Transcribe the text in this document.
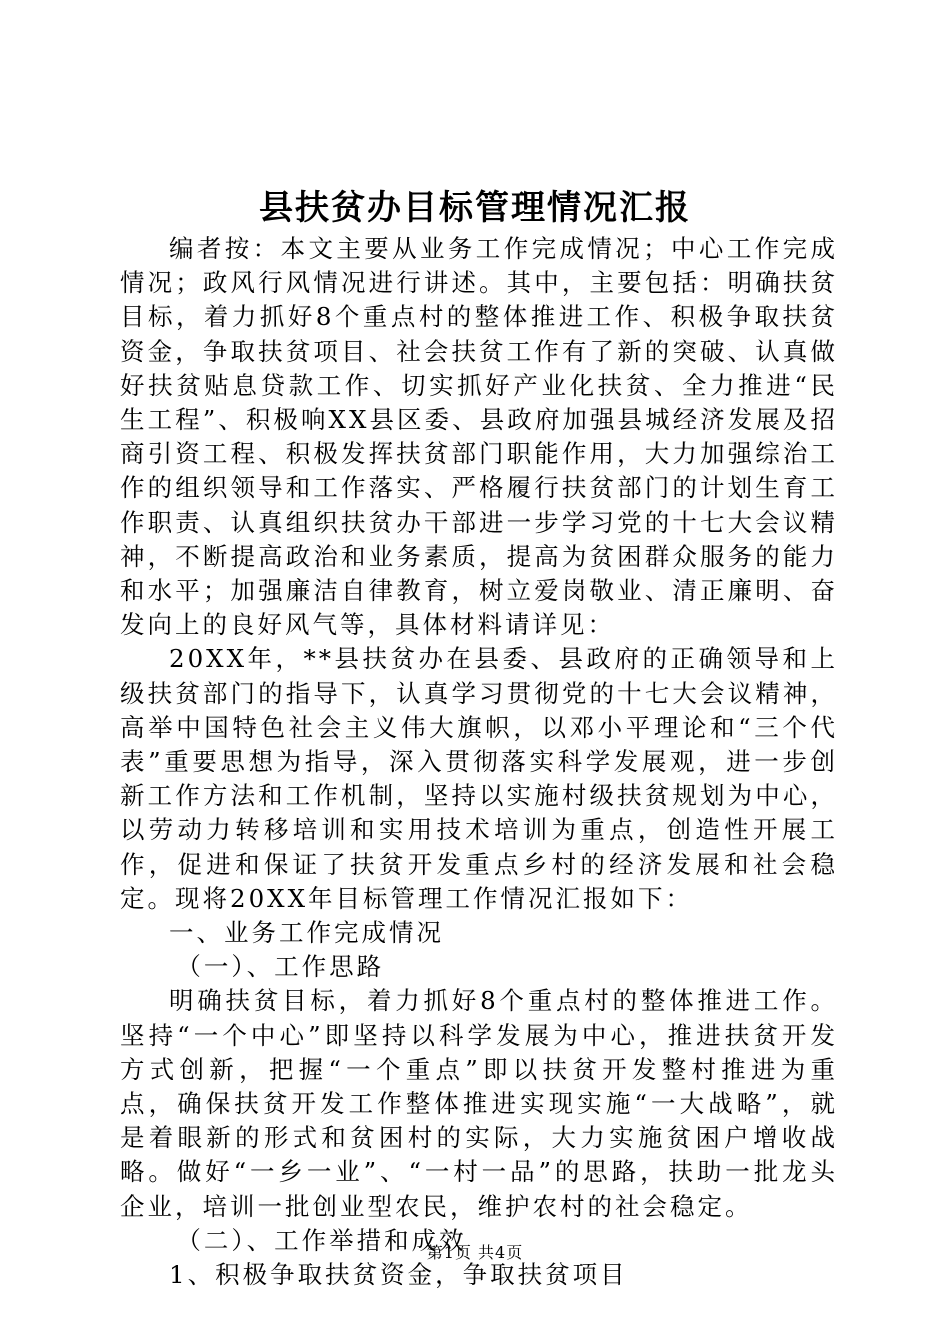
县扶贫办目标管理情况汇报

编者按：本文主要从业务工作完成情况；中心工作完成情况；政风行风情况进行讲述。其中，主要包括：明确扶贫目标，着力抓好8个重点村的整体推进工作、积极争取扶贫资金，争取扶贫项目、社会扶贫工作有了新的突破、认真做好扶贫贴息贷款工作、切实抓好产业化扶贫、全力推进“民生工程”、积极响XX县区委、县政府加强县城经济发展及招商引资工程、积极发挥扶贫部门职能作用，大力加强综治工作的组织领导和工作落实、严格履行扶贫部门的计划生育工作职责、认真组织扶贫办干部进一步学习党的十七大会议精神，不断提高政治和业务素质，提高为贫困群众服务的能力和水平；加强廉洁自律教育，树立爱岗敬业、清正廉明、奋发向上的良好风气等，具体材料请详见：

20XX年，**县扶贫办在县委、县政府的正确领导和上级扶贫部门的指导下，认真学习贯彻党的十七大会议精神，高举中国特色社会主义伟大旗帜，以邓小平理论和“三个代表”重要思想为指导，深入贯彻落实科学发展观，进一步创新工作方法和工作机制，坚持以实施村级扶贫规划为中心，以劳动力转移培训和实用技术培训为重点，创造性开展工作，促进和保证了扶贫开发重点乡村的经济发展和社会稳定。现将20XX年目标管理工作情况汇报如下：

一、业务工作完成情况

（一）、工作思路

明确扶贫目标，着力抓好8个重点村的整体推进工作。坚持“一个中心”即坚持以科学发展为中心，推进扶贫开发方式创新，把握“一个重点”即以扶贫开发整村推进为重点，确保扶贫开发工作整体推进实现实施“一大战略”，就是着眼新的形式和贫困村的实际，大力实施贫困户增收战略。做好“一乡一业”、“一村一品”的思路，扶助一批龙头企业，培训一批创业型农民，维护农村的社会稳定。

（二）、工作举措和成效

1、积极争取扶贫资金，争取扶贫项目

第1页 共4页
